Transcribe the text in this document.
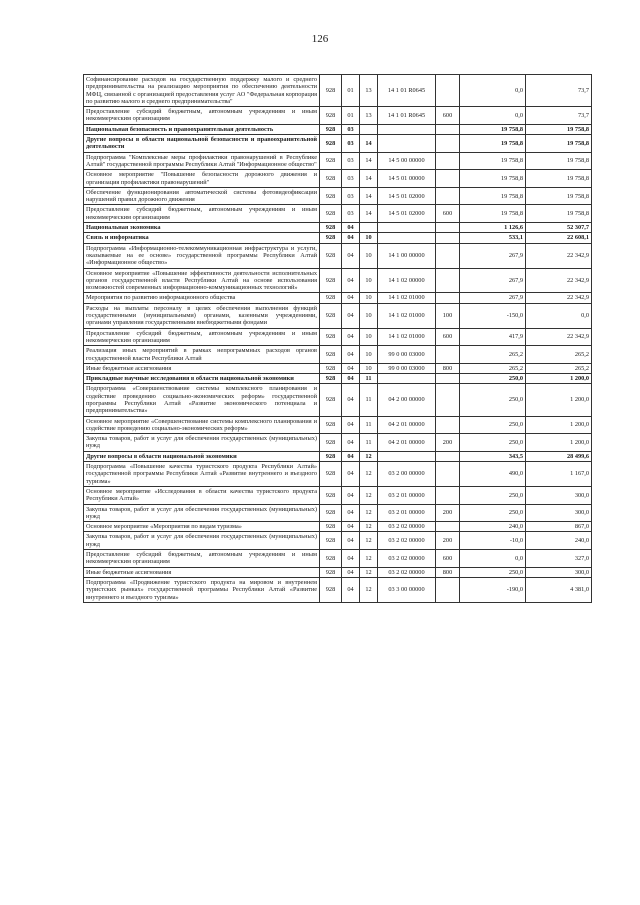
126
Софинансирование расходов на государственную поддержку малого и среднего предпринимательства на реализацию мероприятия по обеспечению деятельности МФЦ, связанной с организацией предоставления услуг АО "Федеральная корпорация по развитию малого и среднего предпринимательства"	928	01	13	14 1 01 R0645		0,0	73,7
Предоставление субсидий бюджетным, автономным учреждениям и иным некоммерческим организациям	928	01	13	14 1 01 R0645	600	0,0	73,7
Национальная безопасность и правоохранительная деятельность	928	03				19 758,8	19 758,8
Другие вопросы в области национальной безопасности и правоохранительной деятельности	928	03	14			19 758,8	19 758,8
Подпрограмма "Комплексные меры профилактики правонарушений в Республике Алтай" государственной программы Республики Алтай "Информационное общество"	928	03	14	14 5 00 00000		19 758,8	19 758,8
Основное мероприятие "Повышение безопасности дорожного движения и организация профилактики правонарушений"	928	03	14	14 5 01 00000		19 758,8	19 758,8
Обеспечение функционирования автоматической системы фотовидеофиксации нарушений правил дорожного движения	928	03	14	14 5 01 02000		19 758,8	19 758,8
Предоставление субсидий бюджетным, автономным учреждениям и иным некоммерческим организациям	928	03	14	14 5 01 02000	600	19 758,8	19 758,8
Национальная экономика	928	04				1 126,6	52 307,7
Связь и информатика	928	04	10			533,1	22 608,1
Подпрограмма «Информационно-телекоммуникационная инфраструктура и услуги, оказываемые на ее основе» государственной программы Республики Алтай «Информационное общество»	928	04	10	14 1 00 00000		267,9	22 342,9
Основное мероприятие «Повышение эффективности деятельности исполнительных органов государственной власти Республики Алтай на основе использования возможностей современных информационно-коммуникационных технологий»	928	04	10	14 1 02 00000		267,9	22 342,9
Мероприятия по развитию информационного общества	928	04	10	14 1 02 01000		267,9	22 342,9
Расходы на выплаты персоналу в целях обеспечения выполнения функций государственными (муниципальными) органами, казенными учреждениями, органами управления государственными внебюджетными фондами	928	04	10	14 1 02 01000	100	-150,0	0,0
Предоставление субсидий бюджетным, автономным учреждениям и иным некоммерческим организациям	928	04	10	14 1 02 01000	600	417,9	22 342,9
Реализация иных мероприятий в рамках непрограммных расходов органов государственной власти Республики Алтай	928	04	10	99 0 00 03000		265,2	265,2
Иные бюджетные ассигнования	928	04	10	99 0 00 03000	800	265,2	265,2
Прикладные научные исследования в области национальной экономики	928	04	11			250,0	1 200,0
Подпрограмма «Совершенствование системы комплексного планирования и содействие проведению социально-экономических реформ» государственной программы Республики Алтай «Развитие экономического потенциала и предпринимательства»	928	04	11	04 2 00 00000		250,0	1 200,0
Основное мероприятие «Совершенствование системы комплексного планирования и содействие проведению социально-экономических реформ»	928	04	11	04 2 01 00000		250,0	1 200,0
Закупка товаров, работ и услуг для обеспечения государственных (муниципальных) нужд	928	04	11	04 2 01 00000	200	250,0	1 200,0
Другие вопросы в области национальной экономики	928	04	12			343,5	28 499,6
Подпрограмма «Повышение качества туристского продукта Республики Алтай» государственной программы Республики Алтай «Развитие внутреннего и въездного туризма»	928	04	12	03 2 00 00000		490,0	1 167,0
Основное мероприятие «Исследования в области качества туристского продукта Республики Алтай»	928	04	12	03 2 01 00000		250,0	300,0
Закупка товаров, работ и услуг для обеспечения государственных (муниципальных) нужд	928	04	12	03 2 01 00000	200	250,0	300,0
Основное мероприятие «Мероприятия по видам туризма»	928	04	12	03 2 02 00000		240,0	867,0
Закупка товаров, работ и услуг для обеспечения государственных (муниципальных) нужд	928	04	12	03 2 02 00000	200	-10,0	240,0
Предоставление субсидий бюджетным, автономным учреждениям и иным некоммерческим организациям	928	04	12	03 2 02 00000	600	0,0	327,0
Иные бюджетные ассигнования	928	04	12	03 2 02 00000	800	250,0	300,0
Подпрограмма «Продвижение туристского продукта на мировом и внутреннем туристских рынках» государственной программы Республики Алтай «Развитие внутреннего и въездного туризма»	928	04	12	03 3 00 00000		-190,0	4 381,0
